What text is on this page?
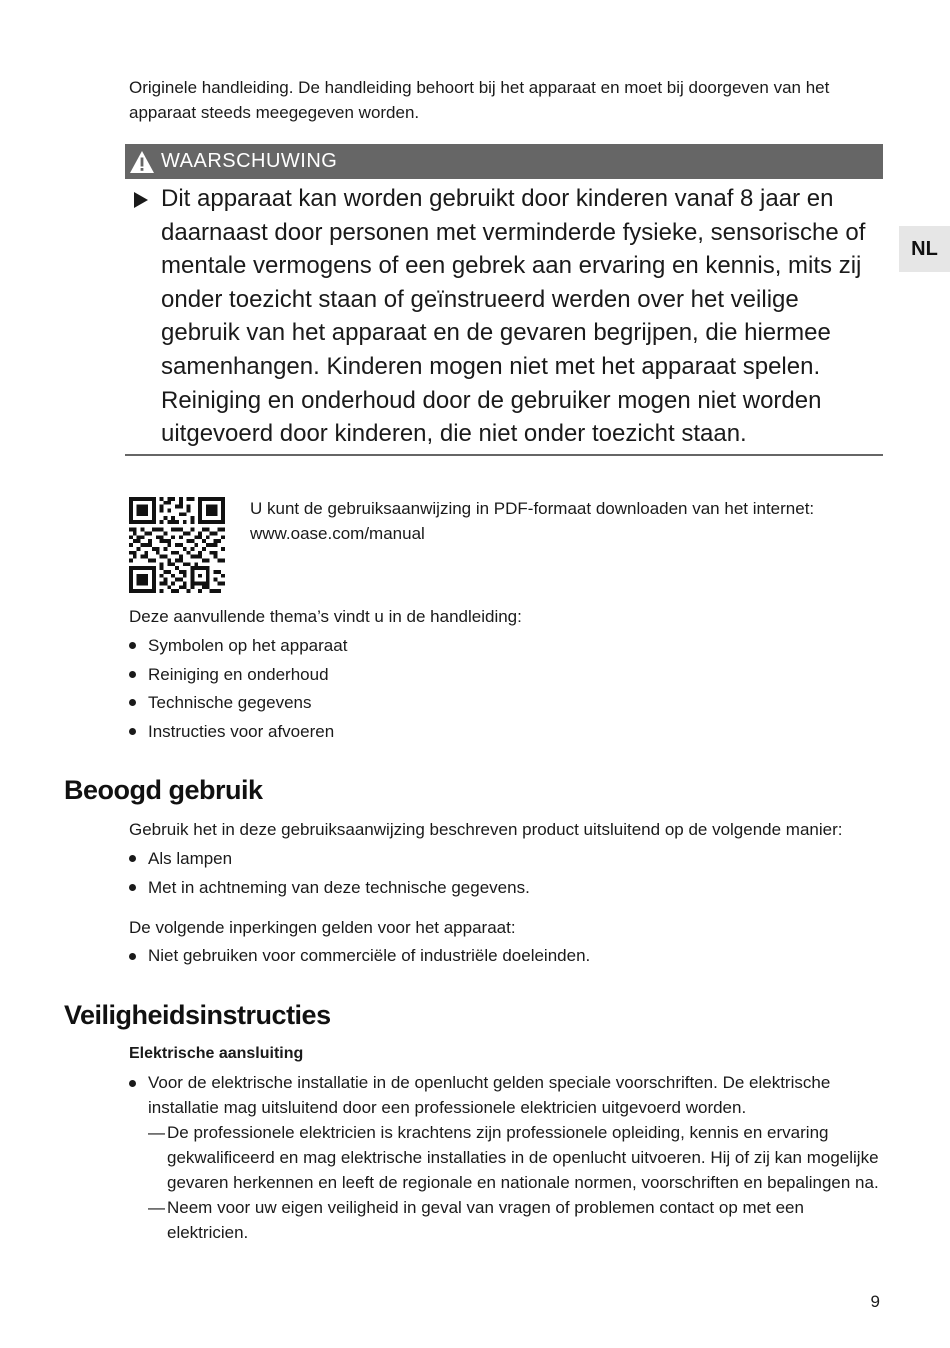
Originele handleiding. De handleiding behoort bij het apparaat en moet bij doorgeven van het apparaat steeds meegegeven worden.

WAARSCHUWING

Dit apparaat kan worden gebruikt door kinderen vanaf 8 jaar en daarnaast door personen met verminderde fysieke, sensorische of mentale vermogens of een gebrek aan ervaring en kennis, mits zij onder toezicht staan of geïnstrueerd werden over het veilige gebruik van het apparaat en de gevaren begrijpen, die hiermee samenhangen. Kinderen mogen niet met het apparaat spelen. Reiniging en onderhoud door de gebruiker mogen niet worden uitgevoerd door kinderen, die niet onder toezicht staan.

U kunt de gebruiksaanwijzing in PDF-formaat downloaden van het internet:

www.oase.com/manual

Deze aanvullende thema’s vindt u in de handleiding:

Symbolen op het apparaat
Reiniging en onderhoud
Technische gegevens
Instructies voor afvoeren
Beoogd gebruik

Gebruik het in deze gebruiksaanwijzing beschreven product uitsluitend op de volgende manier:

Als lampen
Met in achtneming van deze technische gegevens.

De volgende inperkingen gelden voor het apparaat:

Niet gebruiken voor commerciële of industriële doeleinden.
Veiligheidsinstructies
Elektrische aansluiting
Voor de elektrische installatie in de openlucht gelden speciale voorschriften. De elektrische installatie mag uitsluitend door een professionele elektricien uitgevoerd worden.
— De professionele elektricien is krachtens zijn professionele opleiding, kennis en ervaring gekwalificeerd en mag elektrische installaties in de openlucht uitvoeren. Hij of zij kan mogelijke gevaren herkennen en leeft de regionale en nationale normen, voorschriften en bepalingen na.
— Neem voor uw eigen veiligheid in geval van vragen of problemen contact op met een elektricien.
NL
9
